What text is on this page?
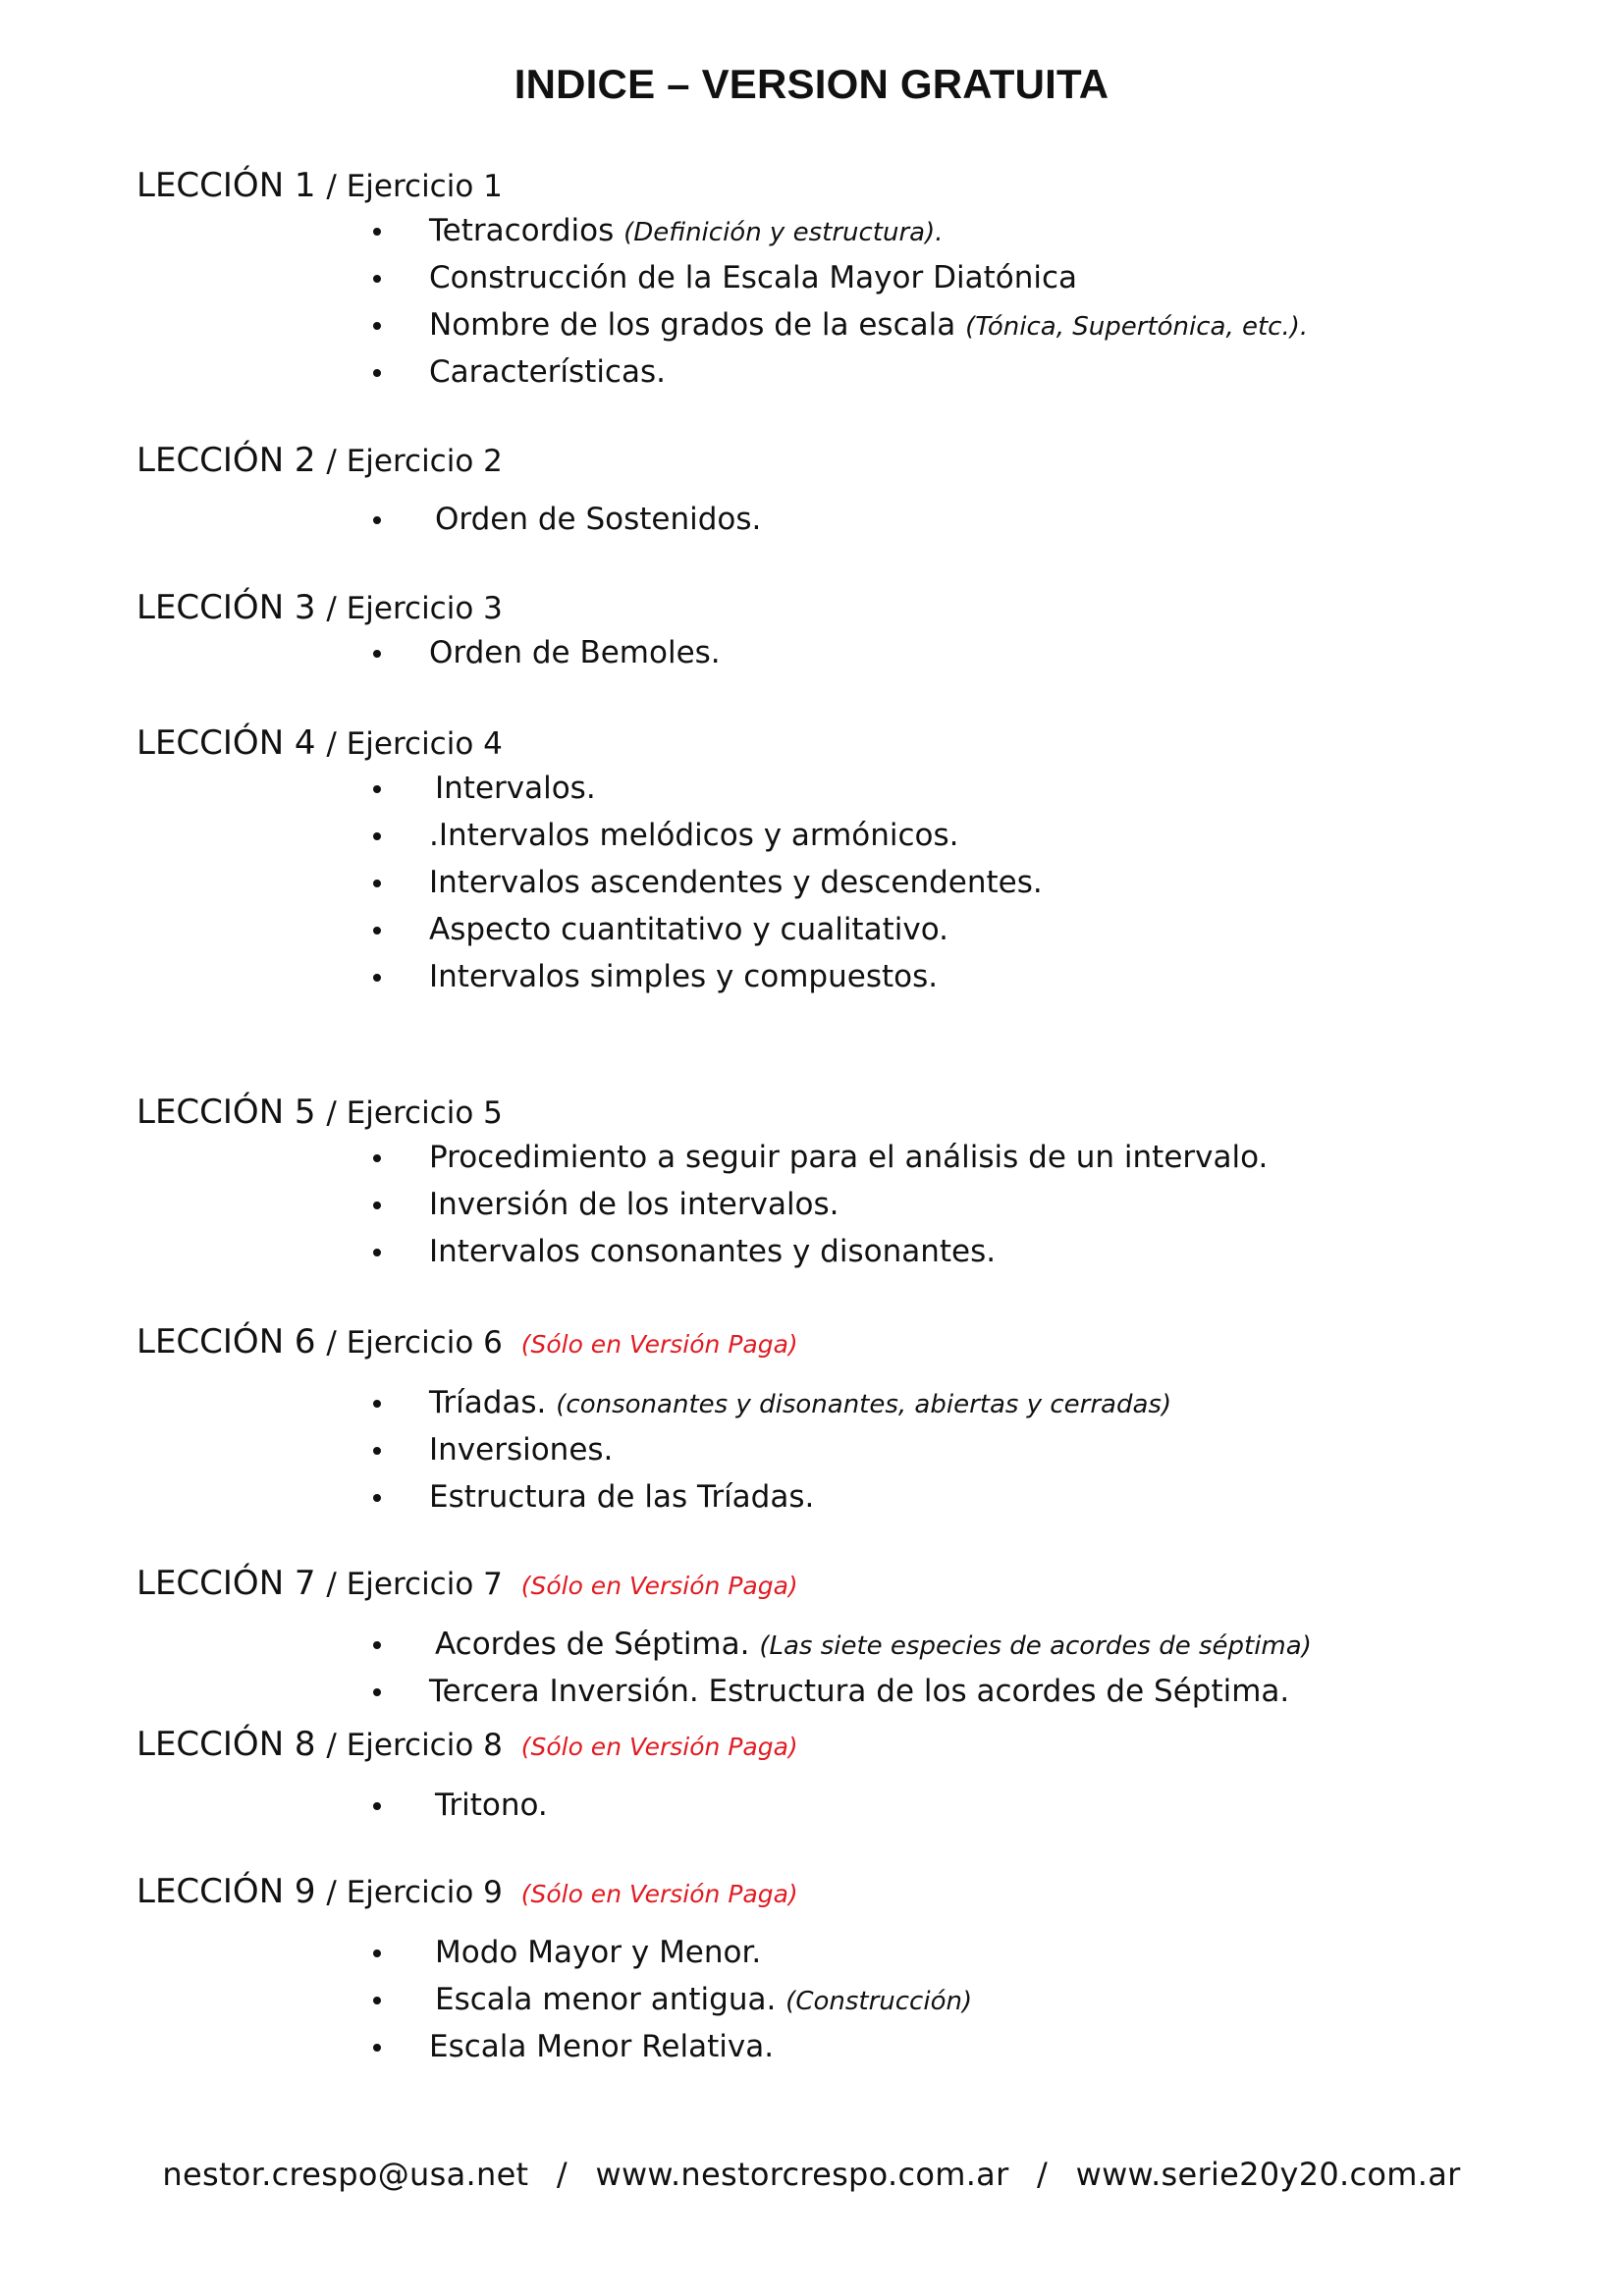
INDICE – VERSION GRATUITA
LECCIÓN 1 / Ejercicio 1
Tetracordios (Definición y estructura).
Construcción de la Escala Mayor Diatónica
Nombre de los grados de la escala (Tónica, Supertónica, etc.).
Características.
LECCIÓN 2 / Ejercicio 2
Orden de Sostenidos.
LECCIÓN 3 / Ejercicio 3
Orden de Bemoles.
LECCIÓN 4 / Ejercicio 4
Intervalos.
.Intervalos melódicos y armónicos.
Intervalos ascendentes y descendentes.
Aspecto cuantitativo y cualitativo.
Intervalos simples y compuestos.
LECCIÓN 5 / Ejercicio 5
Procedimiento a seguir para el análisis de un intervalo.
Inversión de los intervalos.
Intervalos consonantes y disonantes.
LECCIÓN 6 / Ejercicio 6 (Sólo en Versión Paga)
Tríadas. (consonantes y disonantes, abiertas y cerradas)
Inversiones.
Estructura de las Tríadas.
LECCIÓN 7 / Ejercicio 7 (Sólo en Versión Paga)
Acordes de Séptima. (Las siete especies de acordes de séptima)
Tercera Inversión. Estructura de los acordes de Séptima.
LECCIÓN 8 / Ejercicio 8 (Sólo en Versión Paga)
Tritono.
LECCIÓN 9 / Ejercicio 9 (Sólo en Versión Paga)
Modo Mayor y Menor.
Escala menor antigua. (Construcción)
Escala Menor Relativa.
nestor.crespo@usa.net / www.nestorcrespo.com.ar / www.serie20y20.com.ar
